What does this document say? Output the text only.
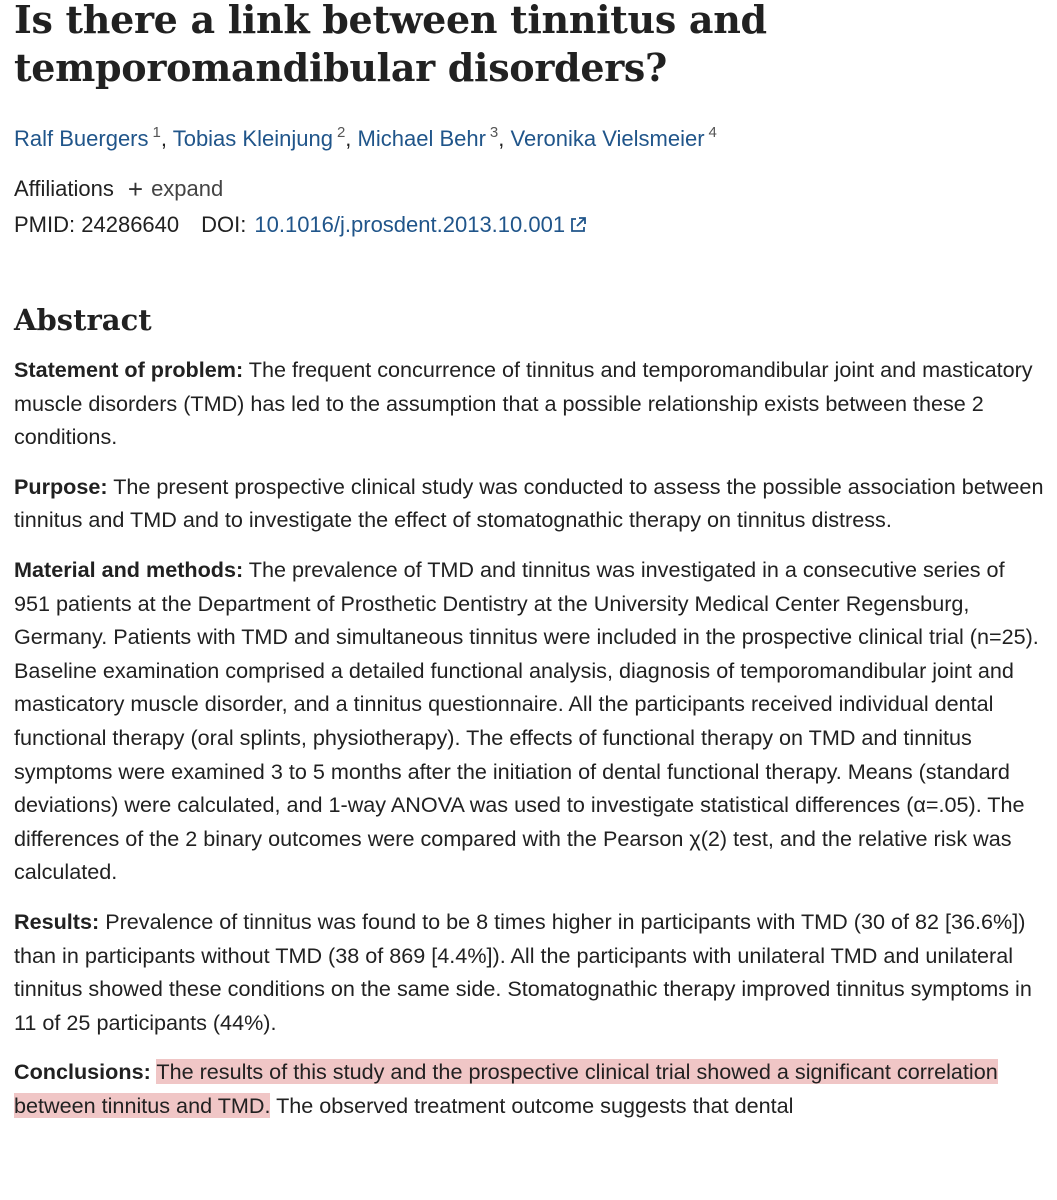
Is there a link between tinnitus and temporomandibular disorders?
Ralf Buergers $^1$, Tobias Kleinjung $^2$, Michael Behr $^3$, Veronika Vielsmeier $^4$
Affiliations + expand
PMID:
24286640 DOI: 10.1016/j.prosdent.2013.10.001
Abstract

Statement of problem: The frequent concurrence of tinnitus and temporomandibular joint and masticatory muscle disorders (TMD) has led to the assumption that a possible relationship exists between these 2 conditions.

Purpose: The present prospective clinical study was conducted to assess the possible association between tinnitus and TMD and to investigate the effect of stomatognathic therapy on tinnitus distress.

Material and methods: The prevalence of TMD and tinnitus was investigated in a consecutive series of 951 patients at the Department of Prosthetic Dentistry at the University Medical Center Regensburg, Germany. Patients with TMD and simultaneous tinnitus were included in the prospective clinical trial (n=25). Baseline examination comprised a detailed functional analysis, diagnosis of temporomandibular joint and masticatory muscle disorder, and a tinnitus questionnaire. All the participants received individual dental functional therapy (oral splints, physiotherapy). The effects of functional therapy on TMD and tinnitus symptoms were examined 3 to 5 months after the initiation of dental functional therapy. Means (standard deviations) were calculated, and 1-way ANOVA was used to investigate statistical differences (α=.05). The differences of the 2 binary outcomes were compared with the Pearson χ(2) test, and the relative risk was calculated.

Results: Prevalence of tinnitus was found to be 8 times higher in participants with TMD (30 of 82 [36.6%]) than in participants without TMD (38 of 869 [4.4%]). All the participants with unilateral TMD and unilateral tinnitus showed these conditions on the same side. Stomatognathic therapy improved tinnitus symptoms in 11 of 25 participants (44%).

Conclusions: The results of this study and the prospective clinical trial showed a significant correlation between tinnitus and TMD. The observed treatment outcome suggests that dental
